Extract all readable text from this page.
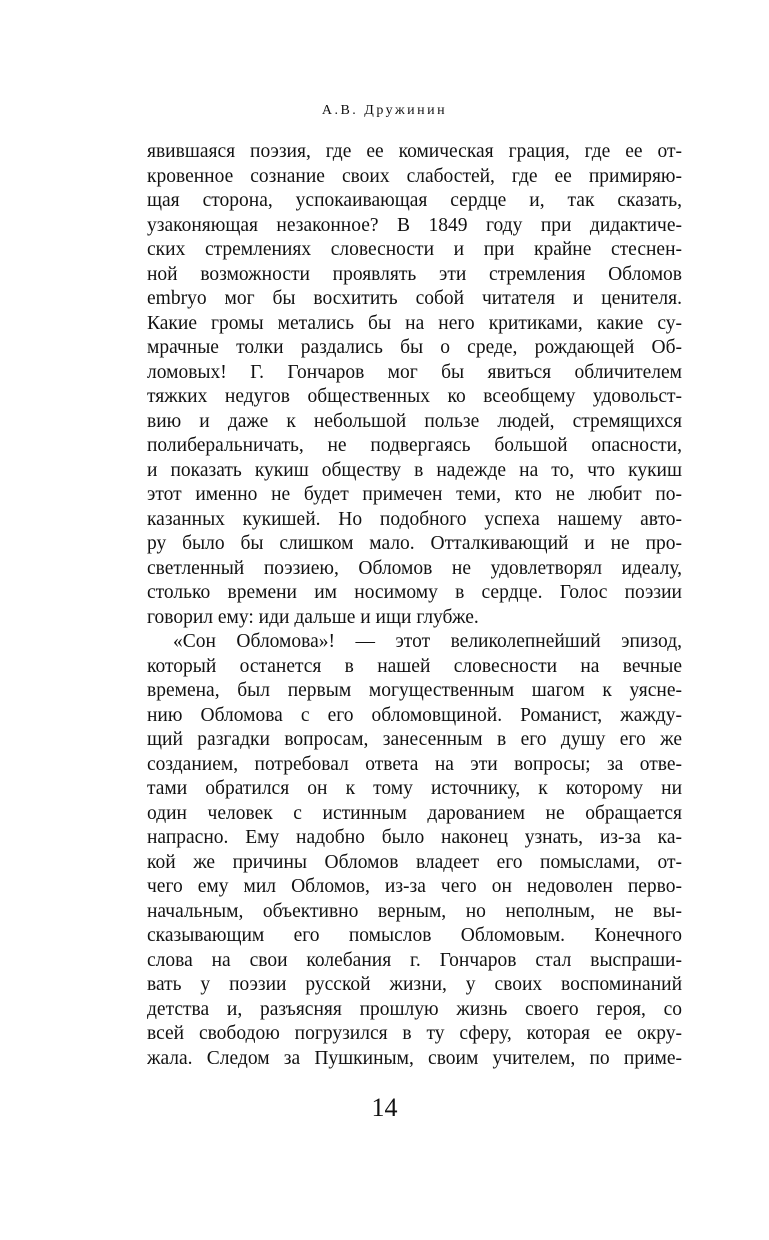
А.В. Дружинин
явившаяся поэзия, где ее комическая грация, где ее от-
кровенное сознание своих слабостей, где ее примиряю-
щая сторона, успокаивающая сердце и, так сказать,
узаконяющая незаконное? В 1849 году при дидактиче-
ских стремлениях словесности и при крайне стеснен-
ной возможности проявлять эти стремления Обломов
embryo мог бы восхитить собой читателя и ценителя.
Какие громы метались бы на него критиками, какие су-
мрачные толки раздались бы о среде, рождающей Об-
ломовых! Г. Гончаров мог бы явиться обличителем
тяжких недугов общественных ко всеобщему удовольст-
вию и даже к небольшой пользе людей, стремящихся
полиберальничать, не подвергаясь большой опасности,
и показать кукиш обществу в надежде на то, что кукиш
этот именно не будет примечен теми, кто не любит по-
казанных кукишей. Но подобного успеха нашему авто-
ру было бы слишком мало. Отталкивающий и не про-
светленный поэзиею, Обломов не удовлетворял идеалу,
столько времени им носимому в сердце. Голос поэзии
говорил ему: иди дальше и ищи глубже.
«Сон Обломова»! — этот великолепнейший эпизод,
который останется в нашей словесности на вечные
времена, был первым могущественным шагом к уясне-
нию Обломова с его обломовщиной. Романист, жажду-
щий разгадки вопросам, занесенным в его душу его же
созданием, потребовал ответа на эти вопросы; за отве-
тами обратился он к тому источнику, к которому ни
один человек с истинным дарованием не обращается
напрасно. Ему надобно было наконец узнать, из-за ка-
кой же причины Обломов владеет его помыслами, от-
чего ему мил Обломов, из-за чего он недоволен перво-
начальным, объективно верным, но неполным, не вы-
сказывающим его помыслов Обломовым. Конечного
слова на свои колебания г. Гончаров стал выспраши-
вать у поэзии русской жизни, у своих воспоминаний
детства и, разъясняя прошлую жизнь своего героя, со
всей свободою погрузился в ту сферу, которая ее окру-
жала. Следом за Пушкиным, своим учителем, по приме-
14
